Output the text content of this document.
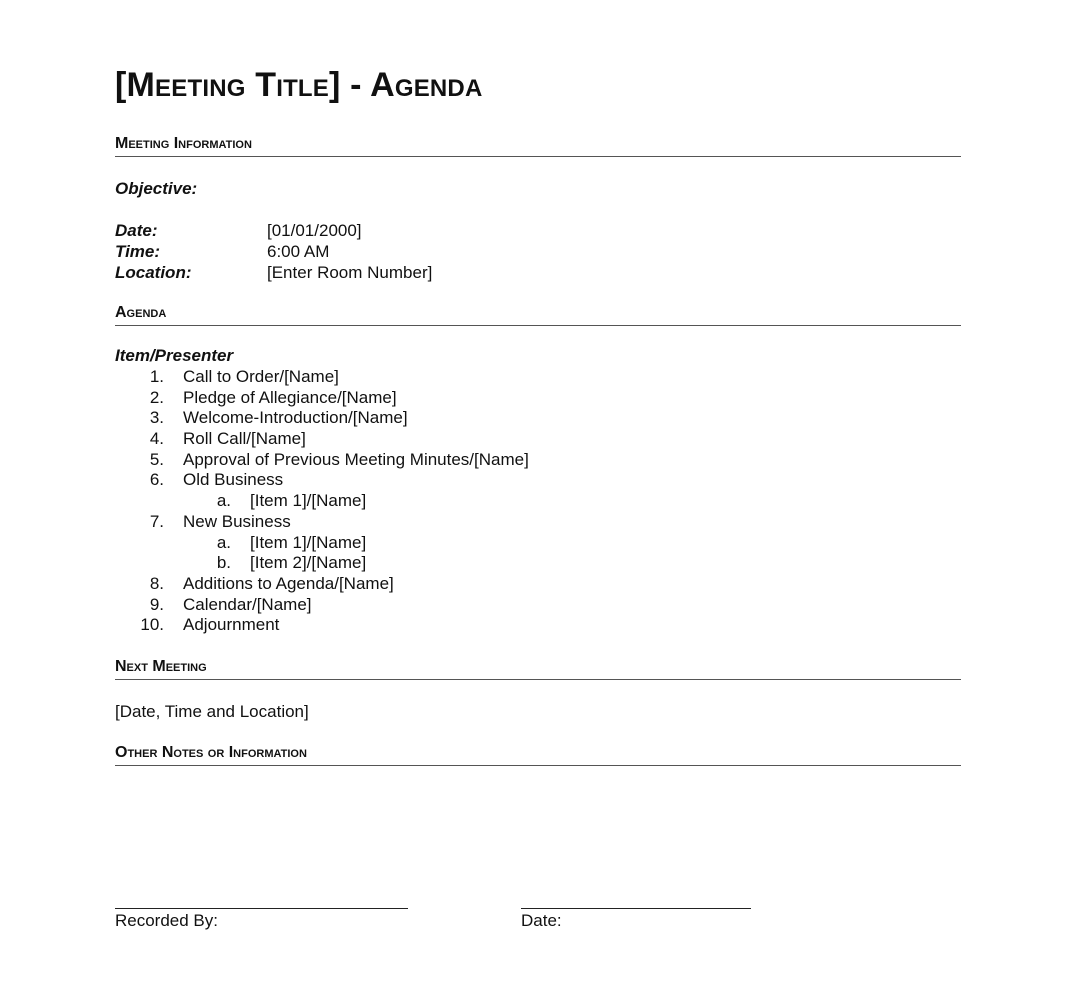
[Meeting Title] - Agenda
Meeting Information
Objective:
Date:	[01/01/2000]
Time:	6:00 AM
Location:	[Enter Room Number]
Agenda
Item/Presenter
1. Call to Order/[Name]
2. Pledge of Allegiance/[Name]
3. Welcome-Introduction/[Name]
4. Roll Call/[Name]
5. Approval of Previous Meeting Minutes/[Name]
6. Old Business
a. [Item 1]/[Name]
7. New Business
a. [Item 1]/[Name]
b. [Item 2]/[Name]
8. Additions to Agenda/[Name]
9. Calendar/[Name]
10. Adjournment
Next Meeting
[Date, Time and Location]
Other Notes or Information
Recorded By:	Date:
